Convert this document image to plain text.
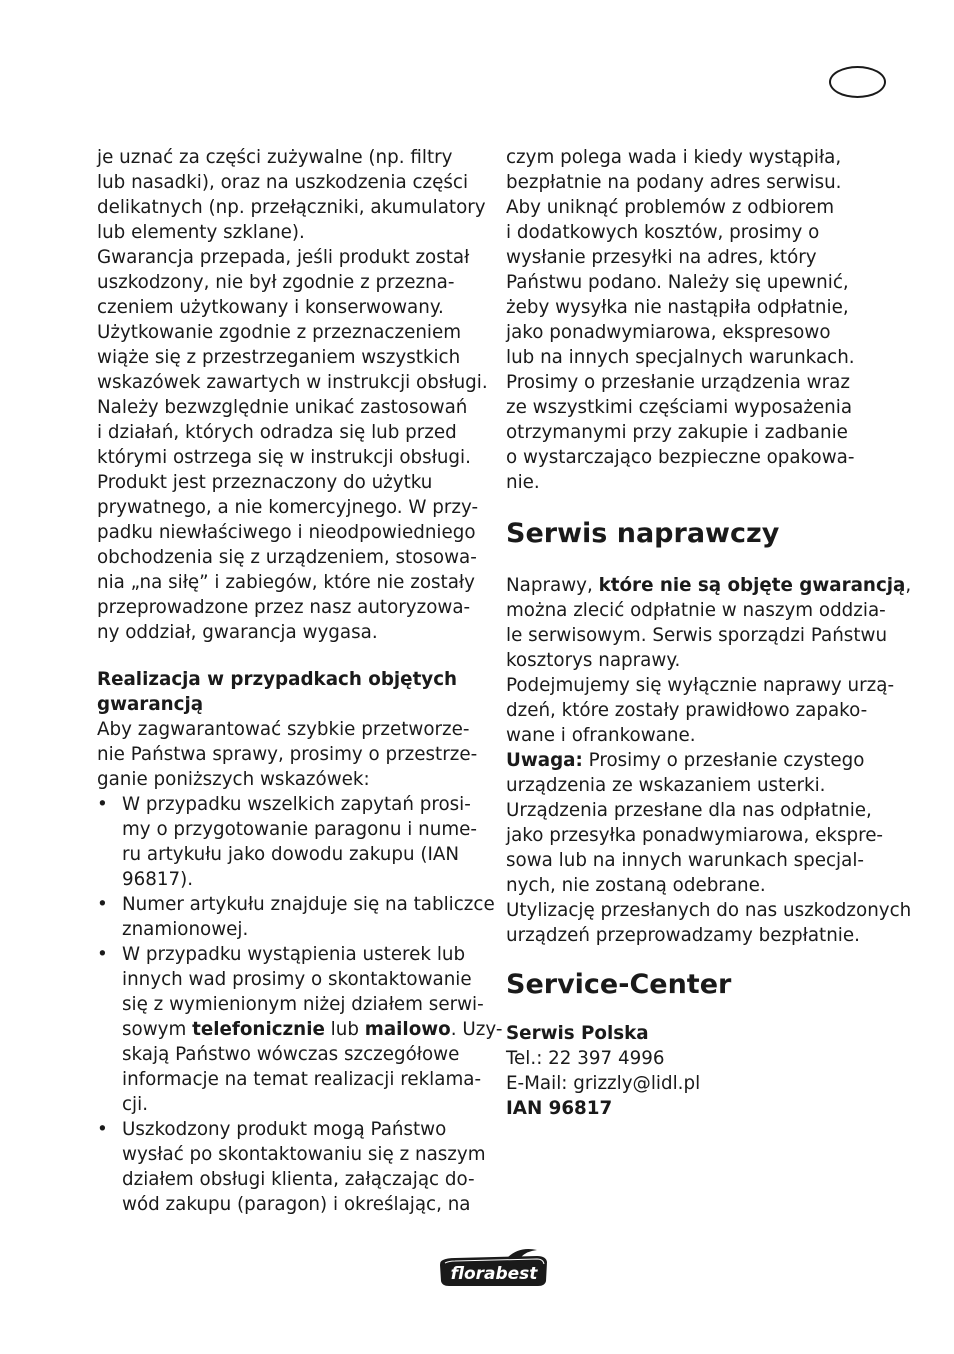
je uznać za części zużywalne (np. filtry
lub nasadki), oraz na uszkodzenia części
delikatnych (np. przełączniki, akumulatory
lub elementy szklane).

Gwarancja przepada, jeśli produkt został
uszkodzony, nie był zgodnie z przezna-
czeniem użytkowany i konserwowany.
Użytkowanie zgodnie z przeznaczeniem
wiąże się z przestrzeganiem wszystkich
wskazówek zawartych w instrukcji obsługi.
Należy bezwzględnie unikać zastosowań
i działań, których odradza się lub przed
którymi ostrzega się w instrukcji obsługi.
Produkt jest przeznaczony do użytku
prywatnego, a nie komercyjnego. W przy-
padku niewłaściwego i nieodpowiedniego
obchodzenia się z urządzeniem, stosowa-
nia „na siłę” i zabiegów, które nie zostały
przeprowadzone przez nasz autoryzowa-
ny oddział, gwarancja wygasa.

Realizacja w przypadkach objętych
gwarancją

Aby zagwarantować szybkie przetworze-
nie Państwa sprawy, prosimy o przestrze-
ganie poniższych wskazówek:

• W przypadku wszelkich zapytań prosi-
my o przygotowanie paragonu i nume-
ru artykułu jako dowodu zakupu (IAN
96817).
• Numer artykułu znajduje się na tabliczce
znamionowej.
• W przypadku wystąpienia usterek lub
innych wad prosimy o skontaktowanie
się z wymienionym niżej działem serwi-
sowym telefonicznie lub mailowo. Uzy-
skają Państwo wówczas szczegółowe
informacje na temat realizacji reklama-
cji.
• Uszkodzony produkt mogą Państwo
wysłać po skontaktowaniu się z naszym
działem obsługi klienta, załączając do-
wód zakupu (paragon) i określając, na

czym polega wada i kiedy wystąpiła,
bezpłatnie na podany adres serwisu.
Aby uniknąć problemów z odbiorem
i dodatkowych kosztów, prosimy o
wysłanie przesyłki na adres, który
Państwu podano. Należy się upewnić,
żeby wysyłka nie nastąpiła odpłatnie,
jako ponadwymiarowa, ekspresowo
lub na innych specjalnych warunkach.
Prosimy o przesłanie urządzenia wraz
ze wszystkimi częściami wyposażenia
otrzymanymi przy zakupie i zadbanie
o wystarczająco bezpieczne opakowa-
nie.

Serwis naprawczy

Naprawy, które nie są objęte gwarancją,
można zlecić odpłatnie w naszym oddzia-
le serwisowym. Serwis sporządzi Państwu
kosztorys naprawy.
Podejmujemy się wyłącznie naprawy urzą-
dzeń, które zostały prawidłowo zapako-
wane i ofrankowane.
Uwaga: Prosimy o przesłanie czystego
urządzenia ze wskazaniem usterki.
Urządzenia przesłane dla nas odpłatnie,
jako przesyłka ponadwymiarowa, ekspre-
sowa lub na innych warunkach specjal-
nych, nie zostaną odebrane.
Utylizację przesłanych do nas uszkodzonych
urządzeń przeprowadzamy bezpłatnie.

Service-Center

Serwis Polska
Tel.: 22 397 4996
E-Mail: grizzly@lidl.pl
IAN 96817

florabest
